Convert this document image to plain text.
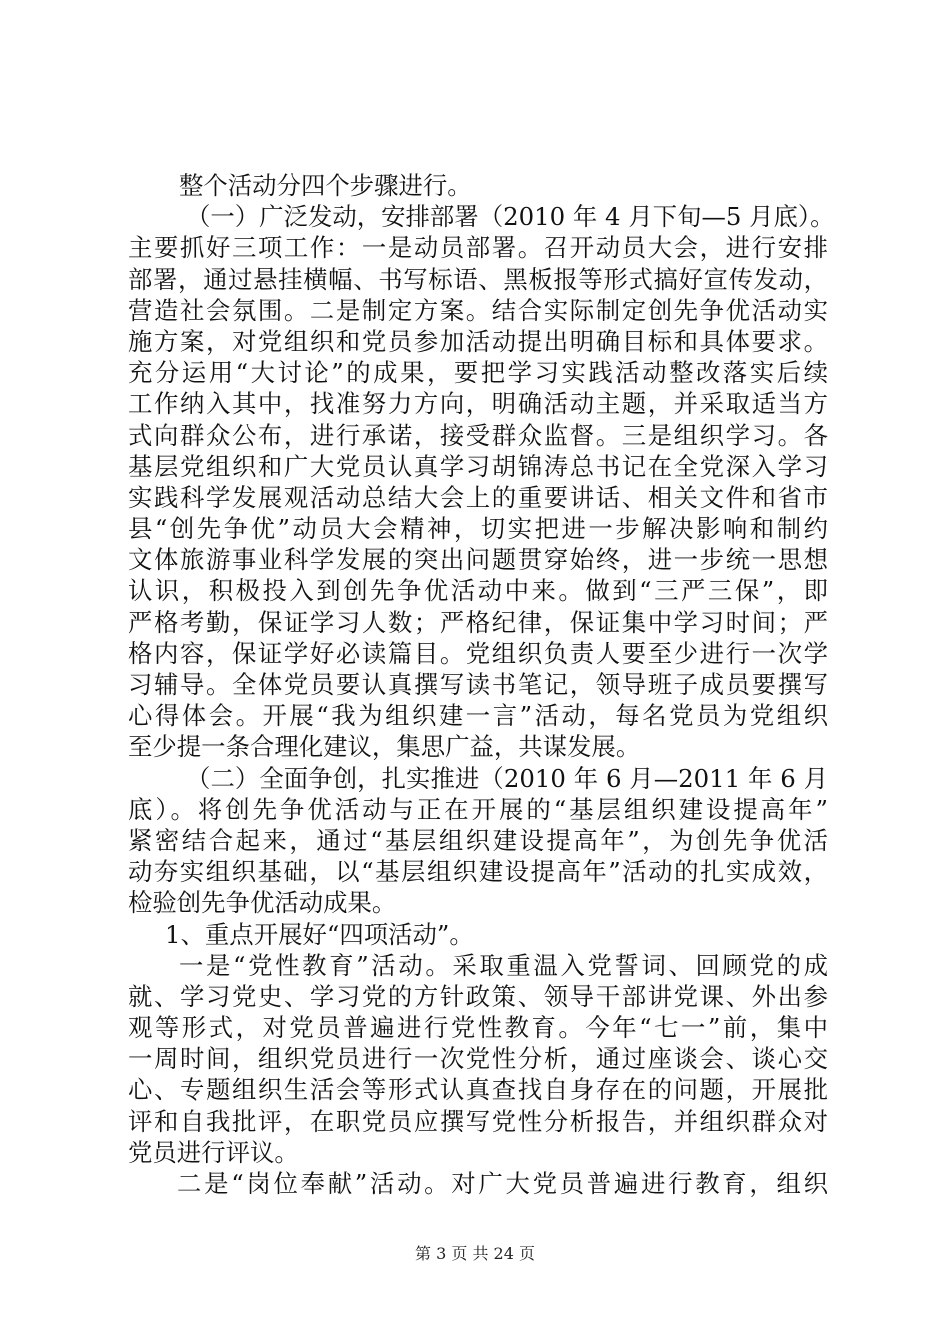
整个活动分四个步骤进行。
（一）广泛发动，安排部署（2010 年 4 月下旬—5 月底）。
主要抓好三项工作：一是动员部署。召开动员大会，进行安排
部署，通过悬挂横幅、书写标语、黑板报等形式搞好宣传发动，
营造社会氛围。二是制定方案。结合实际制定创先争优活动实
施方案，对党组织和党员参加活动提出明确目标和具体要求。
充分运用“大讨论”的成果，要把学习实践活动整改落实后续
工作纳入其中，找准努力方向，明确活动主题，并采取适当方
式向群众公布，进行承诺，接受群众监督。三是组织学习。各
基层党组织和广大党员认真学习胡锦涛总书记在全党深入学习
实践科学发展观活动总结大会上的重要讲话、相关文件和省市
县“创先争优”动员大会精神，切实把进一步解决影响和制约
文体旅游事业科学发展的突出问题贯穿始终，进一步统一思想
认识，积极投入到创先争优活动中来。做到“三严三保”，即
严格考勤，保证学习人数；严格纪律，保证集中学习时间；严
格内容，保证学好必读篇目。党组织负责人要至少进行一次学
习辅导。全体党员要认真撰写读书笔记，领导班子成员要撰写
心得体会。开展“我为组织建一言”活动，每名党员为党组织
至少提一条合理化建议，集思广益，共谋发展。
（二）全面争创，扎实推进（2010 年 6 月—2011 年 6 月
底）。将创先争优活动与正在开展的“基层组织建设提高年”
紧密结合起来，通过“基层组织建设提高年”，为创先争优活
动夯实组织基础，以“基层组织建设提高年”活动的扎实成效，
检验创先争优活动成果。
1、重点开展好“四项活动”。
一是“党性教育”活动。采取重温入党誓词、回顾党的成
就、学习党史、学习党的方针政策、领导干部讲党课、外出参
观等形式，对党员普遍进行党性教育。今年“七一”前，集中
一周时间，组织党员进行一次党性分析，通过座谈会、谈心交
心、专题组织生活会等形式认真查找自身存在的问题，开展批
评和自我批评，在职党员应撰写党性分析报告，并组织群众对
党员进行评议。
二是“岗位奉献”活动。对广大党员普遍进行教育，组织
第 3 页 共 24 页
